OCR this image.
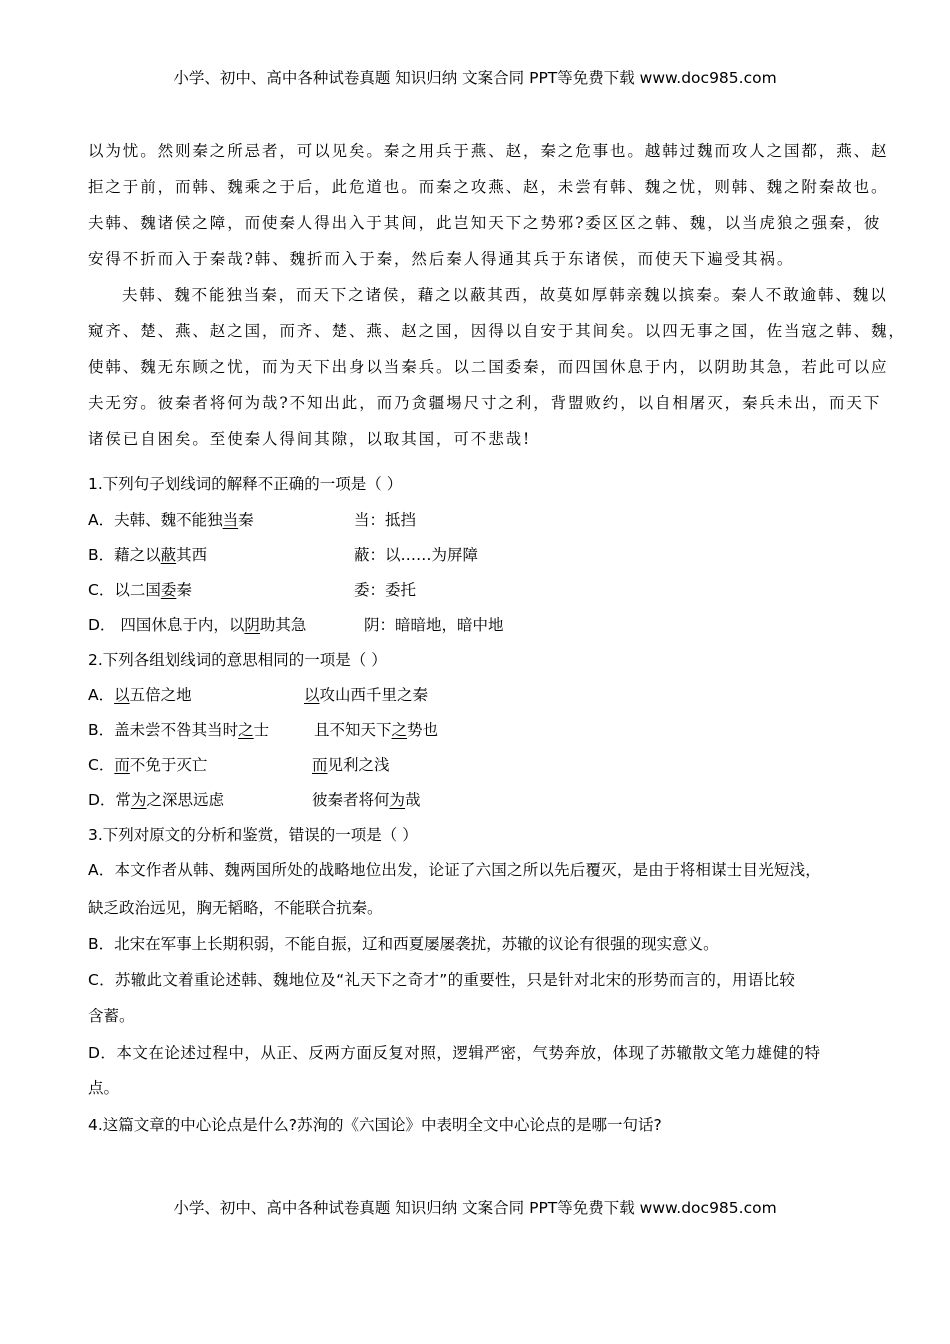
小学、初中、高中各种试卷真题 知识归纳 文案合同 PPT等免费下载 www.doc985.com
以为忧。然则秦之所忌者，可以见矣。秦之用兵于燕、赵，秦之危事也。越韩过魏而攻人之国都，燕、赵
拒之于前，而韩、魏乘之于后，此危道也。而秦之攻燕、赵，未尝有韩、魏之忧，则韩、魏之附秦故也。
夫韩、魏诸侯之障，而使秦人得出入于其间，此岂知天下之势邪?委区区之韩、魏，以当虎狼之强秦，彼
安得不折而入于秦哉?韩、魏折而入于秦，然后秦人得通其兵于东诸侯，而使天下遍受其祸。
夫韩、魏不能独当秦，而天下之诸侯，藉之以蔽其西，故莫如厚韩亲魏以摈秦。秦人不敢逾韩、魏以
窥齐、楚、燕、赵之国，而齐、楚、燕、赵之国，因得以自安于其间矣。以四无事之国，佐当寇之韩、魏，
使韩、魏无东顾之忧，而为天下出身以当秦兵。以二国委秦，而四国休息于内，以阴助其急，若此可以应
夫无穷。彼秦者将何为哉?不知出此，而乃贪疆埸尺寸之利，背盟败约，以自相屠灭，秦兵未出，而天下
诸侯已自困矣。至使秦人得间其隙，以取其国，可不悲哉!
1.下列句子划线词的解释不正确的一项是（ ）
A．夫韩、魏不能独当秦	当：抵挡
B．藉之以蔽其西	蔽：以……为屏障
C．以二国委秦	委：委托
D． 四国休息于内，以阴助其急	阴：暗暗地，暗中地
2.下列各组划线词的意思相同的一项是（ ）
A．以五倍之地	以攻山西千里之秦
B．盖未尝不咎其当时之士	且不知天下之势也
C．而不免于灭亡	而见利之浅
D．常为之深思远虑	彼秦者将何为哉
3.下列对原文的分析和鉴赏，错误的一项是（ ）
A．本文作者从韩、魏两国所处的战略地位出发，论证了六国之所以先后覆灭，是由于将相谋士目光短浅，
缺乏政治远见，胸无韬略，不能联合抗秦。
B．北宋在军事上长期积弱，不能自振，辽和西夏屡屡袭扰，苏辙的议论有很强的现实意义。
C．苏辙此文着重论述韩、魏地位及“礼天下之奇才”的重要性，只是针对北宋的形势而言的，用语比较
含蓄。
D．本文在论述过程中，从正、反两方面反复对照，逻辑严密，气势奔放，体现了苏辙散文笔力雄健的特
点。
4.这篇文章的中心论点是什么?苏洵的《六国论》中表明全文中心论点的是哪一句话?
小学、初中、高中各种试卷真题 知识归纳 文案合同 PPT等免费下载 www.doc985.com
